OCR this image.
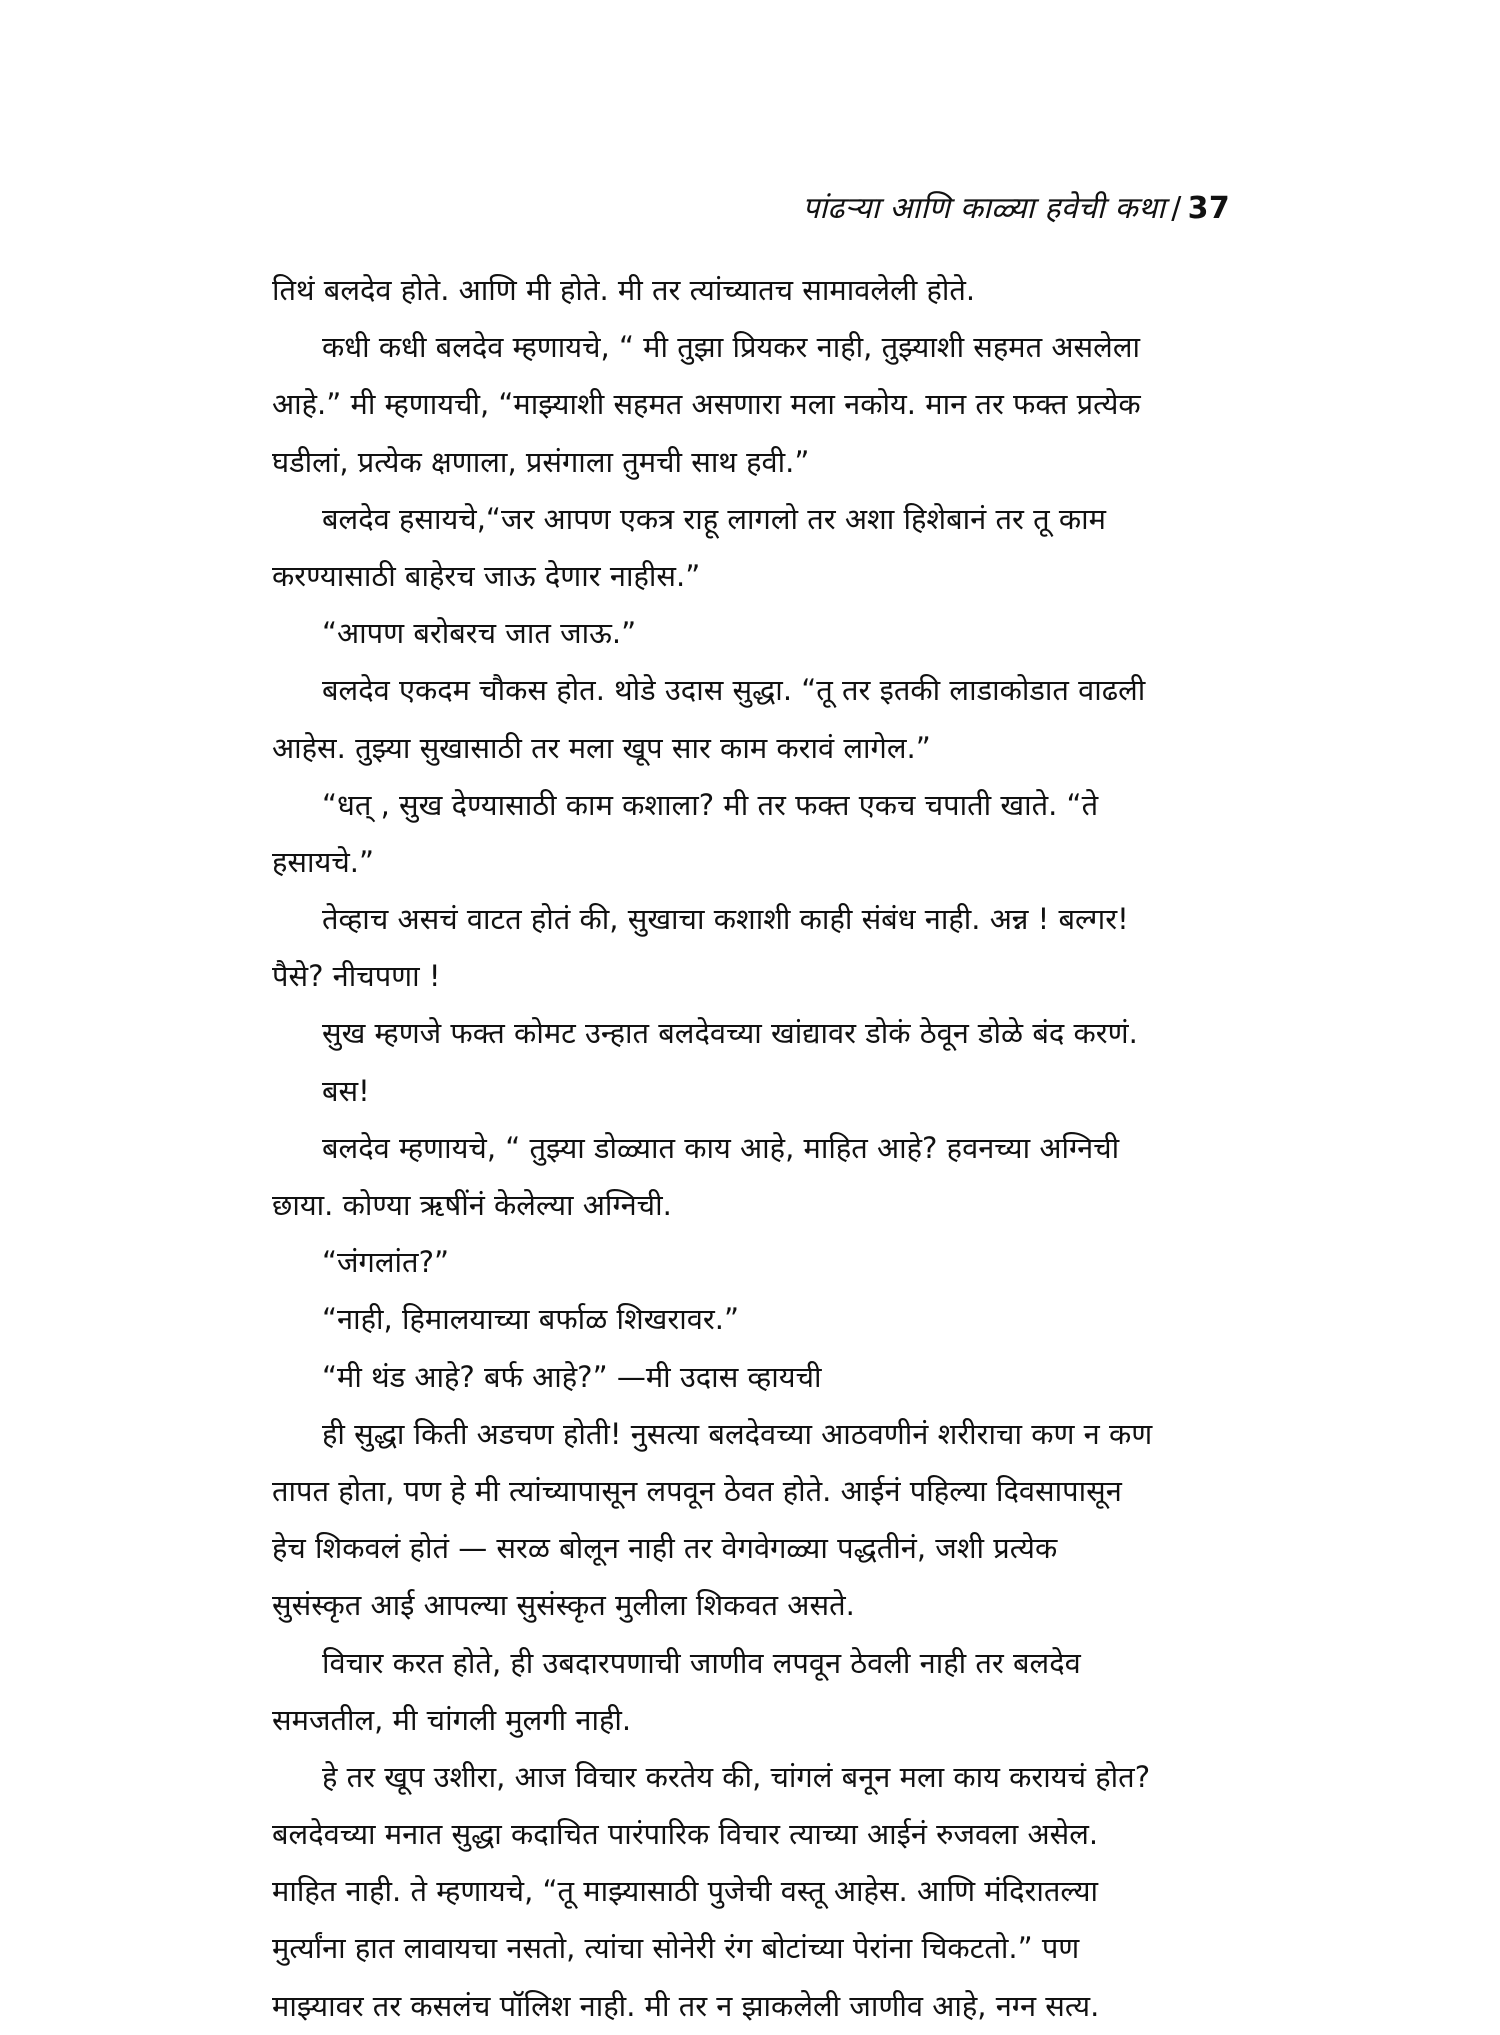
पांढऱ्या आणि काळ्या हवेची कथा / 37
तिथं बलदेव होते. आणि मी होते. मी तर त्यांच्यातच सामावलेली होते.
कधी कधी बलदेव म्हणायचे, “ मी तुझा प्रियकर नाही, तुझ्याशी सहमत असलेला
आहे.” मी म्हणायची, “माझ्याशी सहमत असणारा मला नकोय. मान तर फक्त प्रत्येक
घडीलां, प्रत्येक क्षणाला, प्रसंगाला तुमची साथ हवी.”
बलदेव हसायचे,“जर आपण एकत्र राहू लागलो तर अशा हिशेबानं तर तू काम
करण्यासाठी बाहेरच जाऊ देणार नाहीस.”
“आपण बरोबरच जात जाऊ.”
बलदेव एकदम चौकस होत. थोडे उदास सुद्धा. “तू तर इतकी लाडाकोडात वाढली
आहेस. तुझ्या सुखासाठी तर मला खूप सार काम करावं लागेल.”
“धत् , सुख देण्यासाठी काम कशाला? मी तर फक्त एकच चपाती खाते. “ते
हसायचे.”
तेव्हाच असचं वाटत होतं की, सुखाचा कशाशी काही संबंध नाही. अन्न ! बल्गर!
पैसे? नीचपणा !
सुख म्हणजे फक्त कोमट उन्हात बलदेवच्या खांद्यावर डोकं ठेवून डोळे बंद करणं.
बस!
बलदेव म्हणायचे, “ तुझ्या डोळ्यात काय आहे, माहित आहे? हवनच्या अग्निची
छाया. कोण्या ऋषींनं केलेल्या अग्निची.
“जंगलांत?”
“नाही, हिमालयाच्या बर्फाळ शिखरावर.”
“मी थंड आहे? बर्फ आहे?” —मी उदास व्हायची
ही सुद्धा किती अडचण होती! नुसत्या बलदेवच्या आठवणीनं शरीराचा कण न कण
तापत होता, पण हे मी त्यांच्यापासून लपवून ठेवत होते. आईनं पहिल्या दिवसापासून
हेच शिकवलं होतं — सरळ बोलून नाही तर वेगवेगळ्या पद्धतीनं, जशी प्रत्येक
सुसंस्कृत आई आपल्या सुसंस्कृत मुलीला शिकवत असते.
विचार करत होते, ही उबदारपणाची जाणीव लपवून ठेवली नाही तर बलदेव
समजतील, मी चांगली मुलगी नाही.
हे तर खूप उशीरा, आज विचार करतेय की, चांगलं बनून मला काय करायचं होत?
बलदेवच्या मनात सुद्धा कदाचित पारंपारिक विचार त्याच्या आईनं रुजवला असेल.
माहित नाही. ते म्हणायचे, “तू माझ्यासाठी पुजेची वस्तू आहेस. आणि मंदिरातल्या
मुर्त्यांना हात लावायचा नसतो, त्यांचा सोनेरी रंग बोटांच्या पेरांना चिकटतो.” पण
माझ्यावर तर कसलंच पॉलिश नाही. मी तर न झाकलेली जाणीव आहे, नग्न सत्य.
